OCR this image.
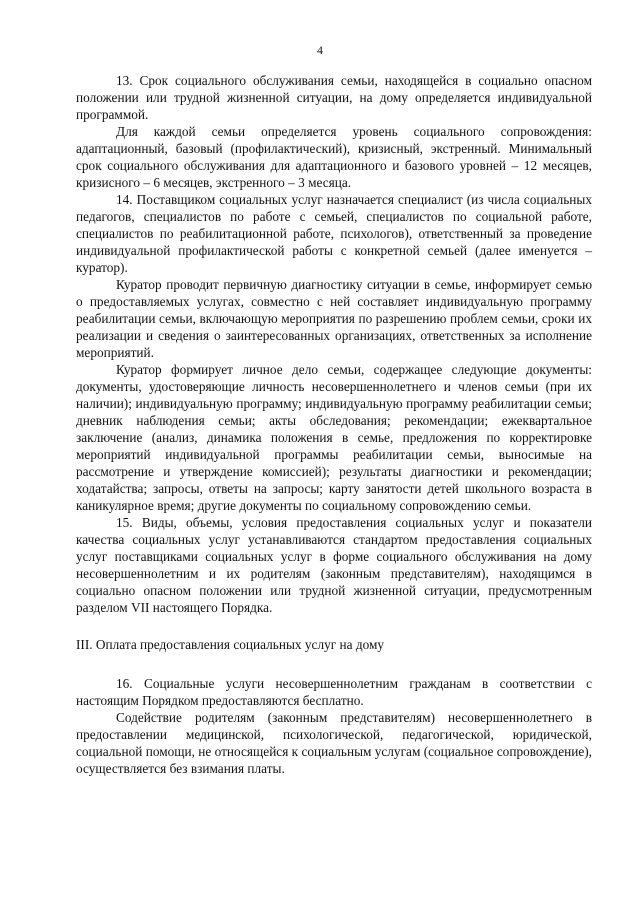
4

13. Срок социального обслуживания семьи, находящейся в социально опасном положении или трудной жизненной ситуации, на дому определяется индивидуальной программой.

Для каждой семьи определяется уровень социального сопровождения: адаптационный, базовый (профилактический), кризисный, экстренный. Минимальный срок социального обслуживания для адаптационного и базового уровней – 12 месяцев, кризисного – 6 месяцев, экстренного – 3 месяца.

14. Поставщиком социальных услуг назначается специалист (из числа социальных педагогов, специалистов по работе с семьей, специалистов по социальной работе, специалистов по реабилитационной работе, психологов), ответственный за проведение индивидуальной профилактической работы с конкретной семьей (далее именуется – куратор).

Куратор проводит первичную диагностику ситуации в семье, информирует семью о предоставляемых услугах, совместно с ней составляет индивидуальную программу реабилитации семьи, включающую мероприятия по разрешению проблем семьи, сроки их реализации и сведения о заинтересованных организациях, ответственных за исполнение мероприятий.

Куратор формирует личное дело семьи, содержащее следующие документы: документы, удостоверяющие личность несовершеннолетнего и членов семьи (при их наличии); индивидуальную программу; индивидуальную программу реабилитации семьи; дневник наблюдения семьи; акты обследования; рекомендации; ежеквартальное заключение (анализ, динамика положения в семье, предложения по корректировке мероприятий индивидуальной программы реабилитации семьи, выносимые на рассмотрение и утверждение комиссией); результаты диагностики и рекомендации; ходатайства; запросы, ответы на запросы; карту занятости детей школьного возраста в каникулярное время; другие документы по социальному сопровождению семьи.

15. Виды, объемы, условия предоставления социальных услуг и показатели качества социальных услуг устанавливаются стандартом предоставления социальных услуг поставщиками социальных услуг в форме социального обслуживания на дому несовершеннолетним и их родителям (законным представителям), находящимся в социально опасном положении или трудной жизненной ситуации, предусмотренным разделом VII настоящего Порядка.

III. Оплата предоставления социальных услуг на дому

16. Социальные услуги несовершеннолетним гражданам в соответствии с настоящим Порядком предоставляются бесплатно.

Содействие родителям (законным представителям) несовершеннолетнего в предоставлении медицинской, психологической, педагогической, юридической, социальной помощи, не относящейся к социальным услугам (социальное сопровождение), осуществляется без взимания платы.
